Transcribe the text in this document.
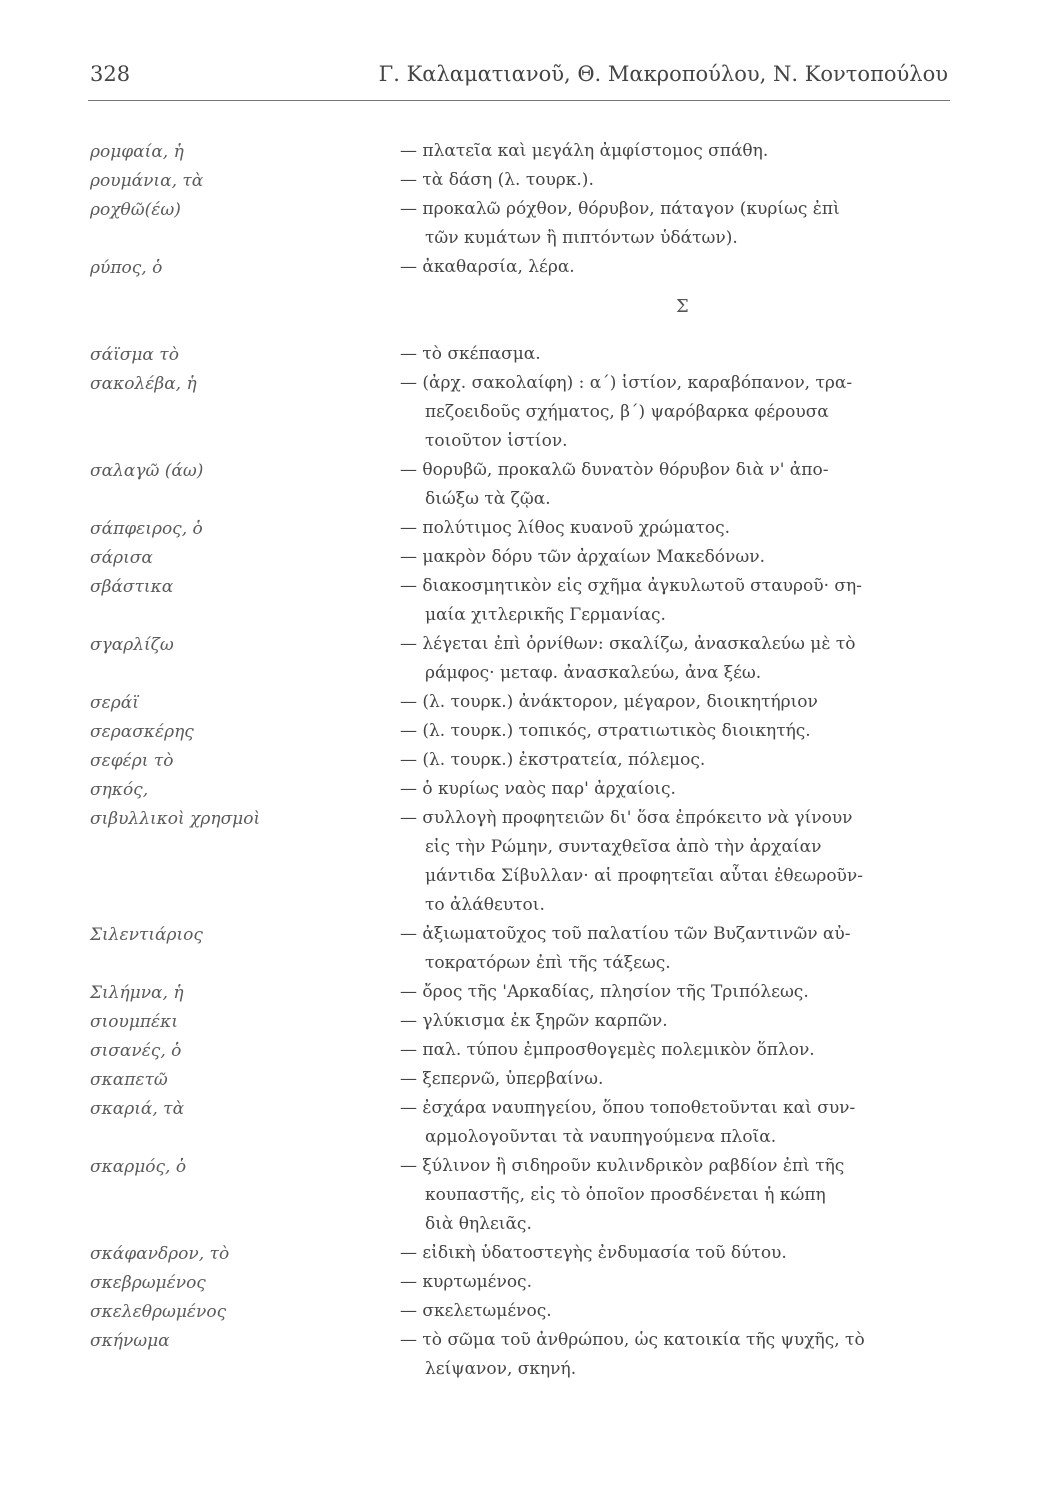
328	Γ. Καλαματιανοῦ, Θ. Μακροπούλου, Ν. Κοντοπούλου
Σ
ρομφαία, ἡ	— πλατεῖα καὶ μεγάλη ἀμφίστομος σπάθη.
ρουμάνια, τὰ	— τὰ δάση (λ. τουρκ.).
ροχθῶ(έω)	— προκαλῶ ρόχθον, θόρυβον, πάταγον (κυρίως ἐπὶ
τῶν κυμάτων ἢ πιπτόντων ὑδάτων).
ρύπος, ὁ	— ἀκαθαρσία, λέρα.
σάϊσμα τὸ	— τὸ σκέπασμα.
σακολέβα, ἡ	— (ἀρχ. σακολαίφη) : α΄) ἱστίον, καραβόπανον, τρα-
πεζοειδοῦς σχήματος, β΄) ψαρόβαρκα φέρουσα
τοιοῦτον ἱστίον.
σαλαγῶ (άω)	— θορυβῶ, προκαλῶ δυνατὸν θόρυβον διὰ ν' ἀπο-
διώξω τὰ ζῷα.
σάπφειρος, ὁ	— πολύτιμος λίθος κυανοῦ χρώματος.
σάρισα	— μακρὸν δόρυ τῶν ἀρχαίων Μακεδόνων.
σβάστικα	— διακοσμητικὸν εἰς σχῆμα ἀγκυλωτοῦ σταυροῦ· ση-
μαία χιτλερικῆς Γερμανίας.
σγαρλίζω	— λέγεται ἐπὶ ὀρνίθων: σκαλίζω, ἀνασκαλεύω μὲ τὸ
ράμφος· μεταφ. ἀνασκαλεύω, ἀνα ξέω.
σεράϊ	— (λ. τουρκ.) ἀνάκτορον, μέγαρον, διοικητήριον
σερασκέρης	— (λ. τουρκ.) τοπικός, στρατιωτικὸς διοικητής.
σεφέρι τὸ	— (λ. τουρκ.) ἐκστρατεία, πόλεμος.
σηκός,	— ὁ κυρίως ναὸς παρ' ἀρχαίοις.
σιβυλλικοὶ χρησμοὶ	— συλλογὴ προφητειῶν δι' ὅσα ἐπρόκειτο νὰ γίνουν
εἰς τὴν Ρώμην, συνταχθεῖσα ἀπὸ τὴν ἀρχαίαν
μάντιδα Σίβυλλαν· αἱ προφητεῖαι αὗται ἐθεωροῦν-
το ἀλάθευτοι.
Σιλεντιάριος	— ἀξιωματοῦχος τοῦ παλατίου τῶν Βυζαντινῶν αὐ-
τοκρατόρων ἐπὶ τῆς τάξεως.
Σιλήμνα, ἡ	— ὄρος τῆς 'Αρκαδίας, πλησίον τῆς Τριπόλεως.
σιουμπέκι	— γλύκισμα ἐκ ξηρῶν καρπῶν.
σισανές, ὁ	— παλ. τύπου ἐμπροσθογεμὲς πολεμικὸν ὅπλον.
σκαπετῶ	— ξεπερνῶ, ὑπερβαίνω.
σκαριά, τὰ	— ἐσχάρα ναυπηγείου, ὅπου τοποθετοῦνται καὶ συν-
αρμολογοῦνται τὰ ναυπηγούμενα πλοῖα.
σκαρμός, ὁ	— ξύλινον ἢ σιδηροῦν κυλινδρικὸν ραβδίον ἐπὶ τῆς
κουπαστῆς, εἰς τὸ ὁποῖον προσδένεται ἡ κώπη
διὰ θηλειᾶς.
σκάφανδρον, τὸ	— εἰδικὴ ὑδατοστεγὴς ἐνδυμασία τοῦ δύτου.
σκεβρωμένος	— κυρτωμένος.
σκελεθρωμένος	— σκελετωμένος.
σκήνωμα	— τὸ σῶμα τοῦ ἀνθρώπου, ὡς κατοικία τῆς ψυχῆς, τὸ
λείψανον, σκηνή.
